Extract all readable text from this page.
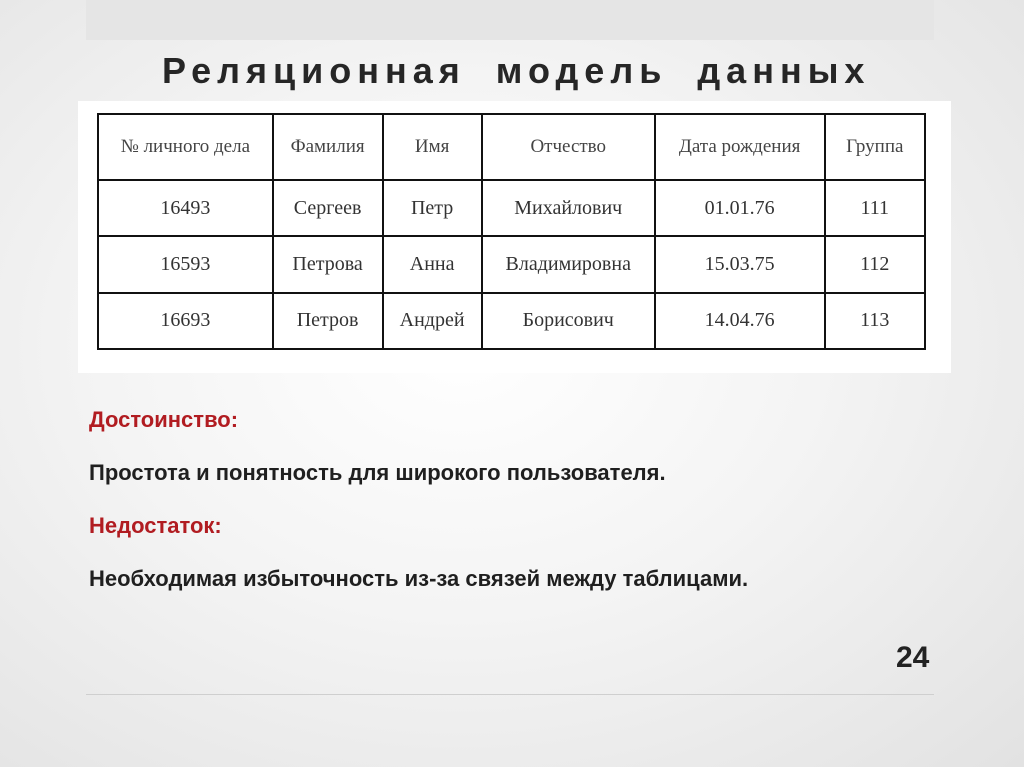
Реляционная модель данных
№ личного дела	Фамилия	Имя	Отчество	Дата рождения	Группа
16493	Сергеев	Петр	Михайлович	01.01.76	111
16593	Петрова	Анна	Владимировна	15.03.75	112
16693	Петров	Андрей	Борисович	14.04.76	113

Достоинство:

Простота и понятность для широкого пользователя.

Недостаток:

Необходимая избыточность из-за связей между таблицами.

24
